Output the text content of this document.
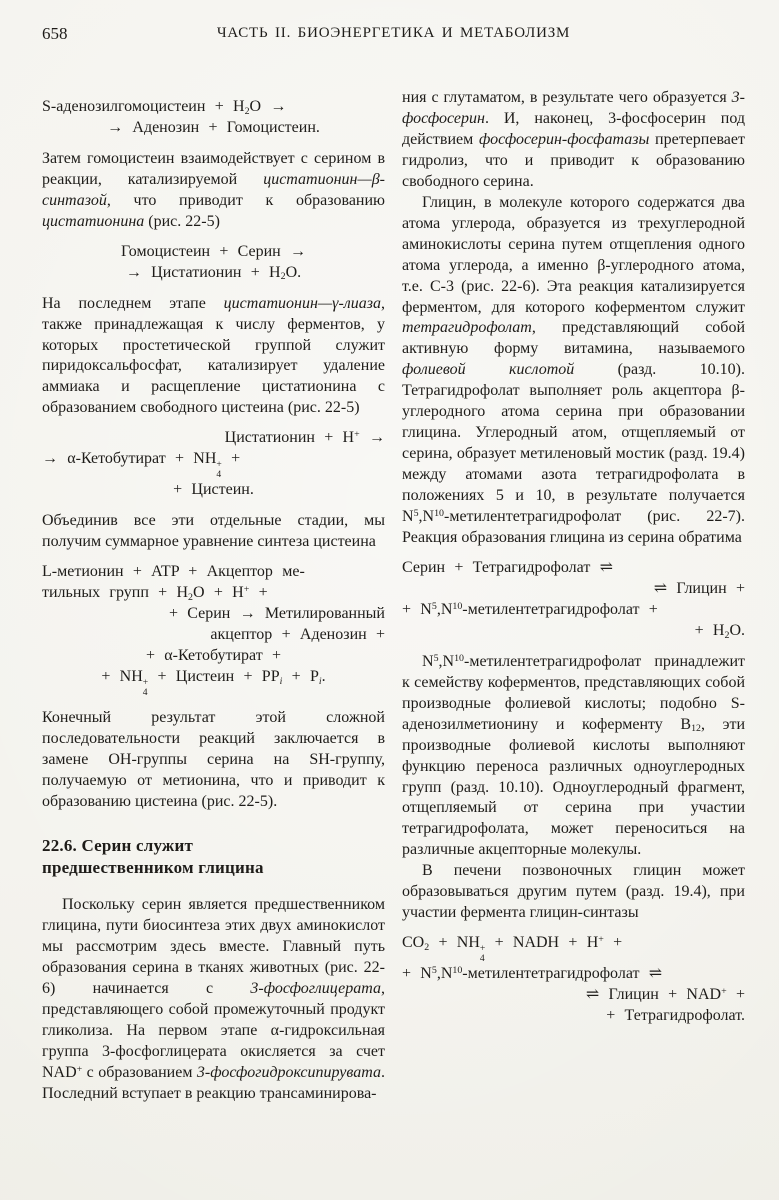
658	ЧАСТЬ II. БИОЭНЕРГЕТИКА И МЕТАБОЛИЗМ
S-аденозилгомоцистеин + $H_2O$ →
→ Аденозин + Гомоцистеин.

Затем гомоцистеин взаимодействует с серином в реакции, катализируемой цистатионин—β-синтазой, что приводит к образованию цистатионина (рис. 22-5)

Гомоцистеин + Серин →
→ Цистатионин + $H_2O$.

На последнем этапе цистатионин—γ-лиаза, также принадлежащая к числу ферментов, у которых простетической группой служит пиридоксальфосфат, катализирует удаление аммиака и расщепление цистатионина с образованием свободного цистеина (рис. 22-5)

Цистатионин + H+ →
→ α-Кетобутират + NH +
4
+
+ Цистеин.

Объединив все эти отдельные стадии, мы получим суммарное уравнение синтеза цистеина

L-метионин + ATP + Акцептор ме-
тильных групп + $H_2O + H^+$ +
+ Серин → Метилированный
акцептор + Аденозин +
+ α-Кетобутират +
+ NH +
4
+ Цистеин + $PP_i + P_i$.

Конечный результат этой сложной последовательности реакций заключается в замене OH-группы серина на SH-группу, получаемую от метионина, что и приводит к образованию цистеина (рис. 22-5).

22.6. Серин служит
предшественником глицина

Поскольку серин является предшественником глицина, пути биосинтеза этих двух аминокислот мы рассмотрим здесь вместе. Главный путь образования серина в тканях животных (рис. 22-6) начинается с 3-фосфоглицерата, представляющего собой промежуточный продукт гликолиза. На первом этапе α-гидроксильная группа 3-фосфоглицерата окисляется за счет NAD+ с образованием 3-фосфогидроксипирувата. Последний вступает в реакцию трансаминирова-

ния с глутаматом, в результате чего образуется 3-фосфосерин. И, наконец, 3-фосфосерин под действием фосфосерин-фосфатазы претерпевает гидролиз, что и приводит к образованию свободного серина.

Глицин, в молекуле которого содержатся два атома углерода, образуется из трехуглеродной аминокислоты серина путем отщепления одного атома углерода, а именно β-углеродного атома, т.е. C-3 (рис. 22-6). Эта реакция катализируется ферментом, для которого коферментом служит тетрагидрофолат, представляющий собой активную форму витамина, называемого фолиевой кислотой (разд. 10.10). Тетрагидрофолат выполняет роль акцептора β-углеродного атома серина при образовании глицина. Углеродный атом, отщепляемый от серина, образует метиленовый мостик (разд. 19.4) между атомами азота тетрагидрофолата в положениях 5 и 10, в результате получается $N^5,N^{10}$-метилентетрагидрофолат (рис. 22-7). Реакция образования глицина из серина обратима

Серин + Тетрагидрофолат ⇌
⇌ Глицин +
+ $N^5,N^{10}$-метилентетрагидрофолат +
+ $H_2O$.

$N^5,N^{10}$-метилентетрагидрофолат принадлежит к семейству коферментов, представляющих собой производные фолиевой кислоты; подобно S-аденозилметионину и коферменту $B_{12}$, эти производные фолиевой кислоты выполняют функцию переноса различных одноуглеродных групп (разд. 10.10). Одноуглеродный фрагмент, отщепляемый от серина при участии тетрагидрофолата, может переноситься на различные акцепторные молекулы.

В печени позвоночных глицин может образовываться другим путем (разд. 19.4), при участии фермента глицин-синтазы

$CO_2$ + NH +
4
+ NADH + H+ +
+ $N^5,N^{10}$-метилентетрагидрофолат ⇌
⇌ Глицин + NAD+ +
+ Тетрагидрофолат.
